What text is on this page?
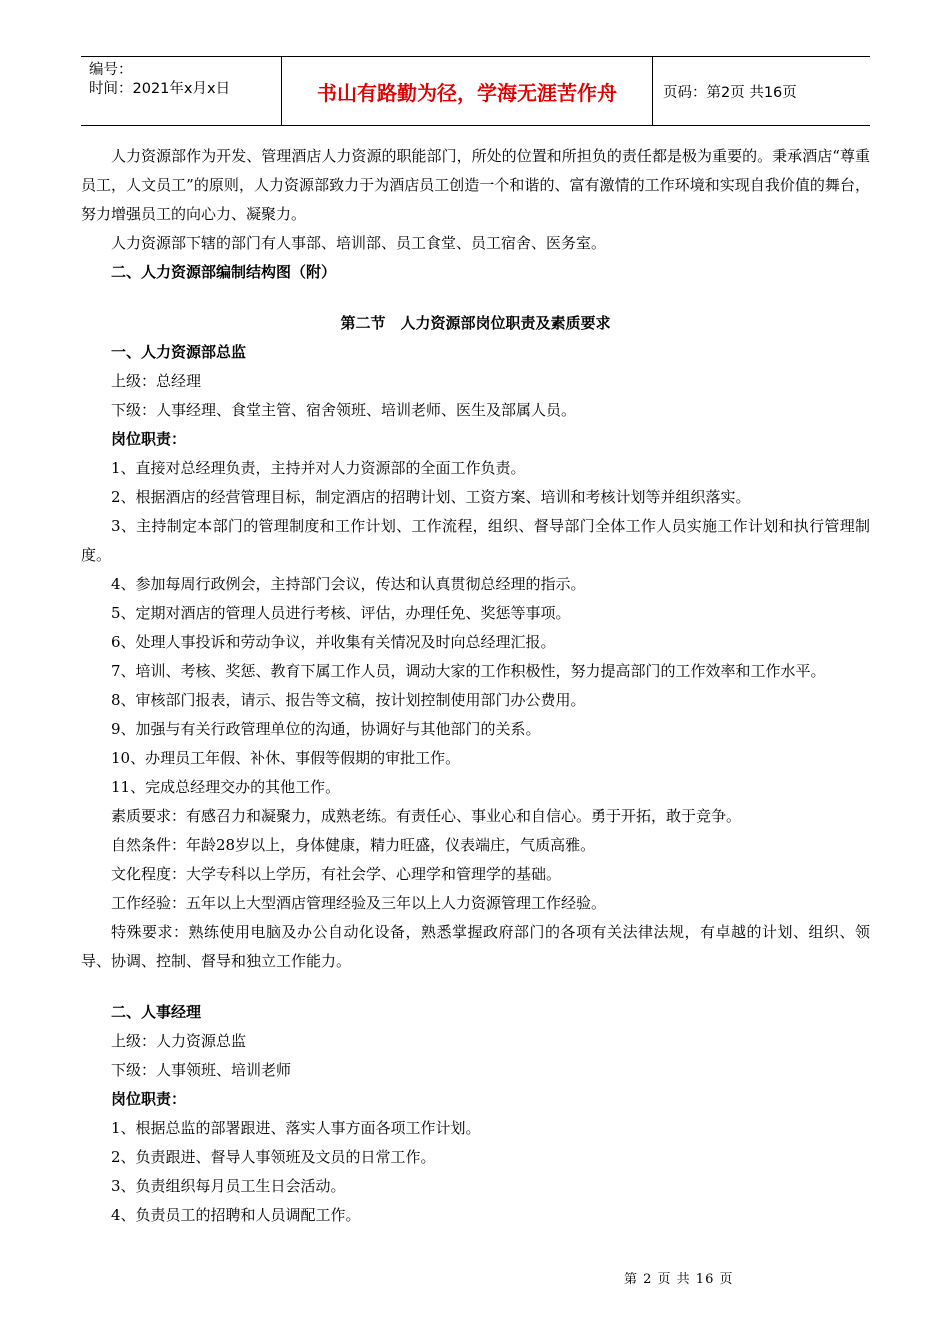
编号：
时间：2021年x月x日	书山有路勤为径，学海无涯苦作舟	页码：第2页 共16页

人力资源部作为开发、管理酒店人力资源的职能部门，所处的位置和所担负的责任都是极为重要的。秉承酒店“尊重员工，人文员工”的原则，人力资源部致力于为酒店员工创造一个和谐的、富有激情的工作环境和实现自我价值的舞台，努力增强员工的向心力、凝聚力。

人力资源部下辖的部门有人事部、培训部、员工食堂、员工宿舍、医务室。

二、人力资源部编制结构图（附）

第二节　人力资源部岗位职责及素质要求

一、人力资源部总监

上级：总经理

下级：人事经理、食堂主管、宿舍领班、培训老师、医生及部属人员。

岗位职责：

1、直接对总经理负责，主持并对人力资源部的全面工作负责。

2、根据酒店的经营管理目标，制定酒店的招聘计划、工资方案、培训和考核计划等并组织落实。

3、主持制定本部门的管理制度和工作计划、工作流程，组织、督导部门全体工作人员实施工作计划和执行管理制度。

4、参加每周行政例会，主持部门会议，传达和认真贯彻总经理的指示。

5、定期对酒店的管理人员进行考核、评估，办理任免、奖惩等事项。

6、处理人事投诉和劳动争议，并收集有关情况及时向总经理汇报。

7、培训、考核、奖惩、教育下属工作人员，调动大家的工作积极性，努力提高部门的工作效率和工作水平。

8、审核部门报表，请示、报告等文稿，按计划控制使用部门办公费用。

9、加强与有关行政管理单位的沟通，协调好与其他部门的关系。

10、办理员工年假、补休、事假等假期的审批工作。

11、完成总经理交办的其他工作。

素质要求：有感召力和凝聚力，成熟老练。有责任心、事业心和自信心。勇于开拓，敢于竞争。

自然条件：年龄28岁以上，身体健康，精力旺盛，仪表端庄，气质高雅。

文化程度：大学专科以上学历，有社会学、心理学和管理学的基础。

工作经验：五年以上大型酒店管理经验及三年以上人力资源管理工作经验。

特殊要求：熟练使用电脑及办公自动化设备，熟悉掌握政府部门的各项有关法律法规，有卓越的计划、组织、领导、协调、控制、督导和独立工作能力。

二、人事经理

上级：人力资源总监

下级：人事领班、培训老师

岗位职责：

1、根据总监的部署跟进、落实人事方面各项工作计划。

2、负责跟进、督导人事领班及文员的日常工作。

3、负责组织每月员工生日会活动。

4、负责员工的招聘和人员调配工作。

第 2 页 共 16 页
